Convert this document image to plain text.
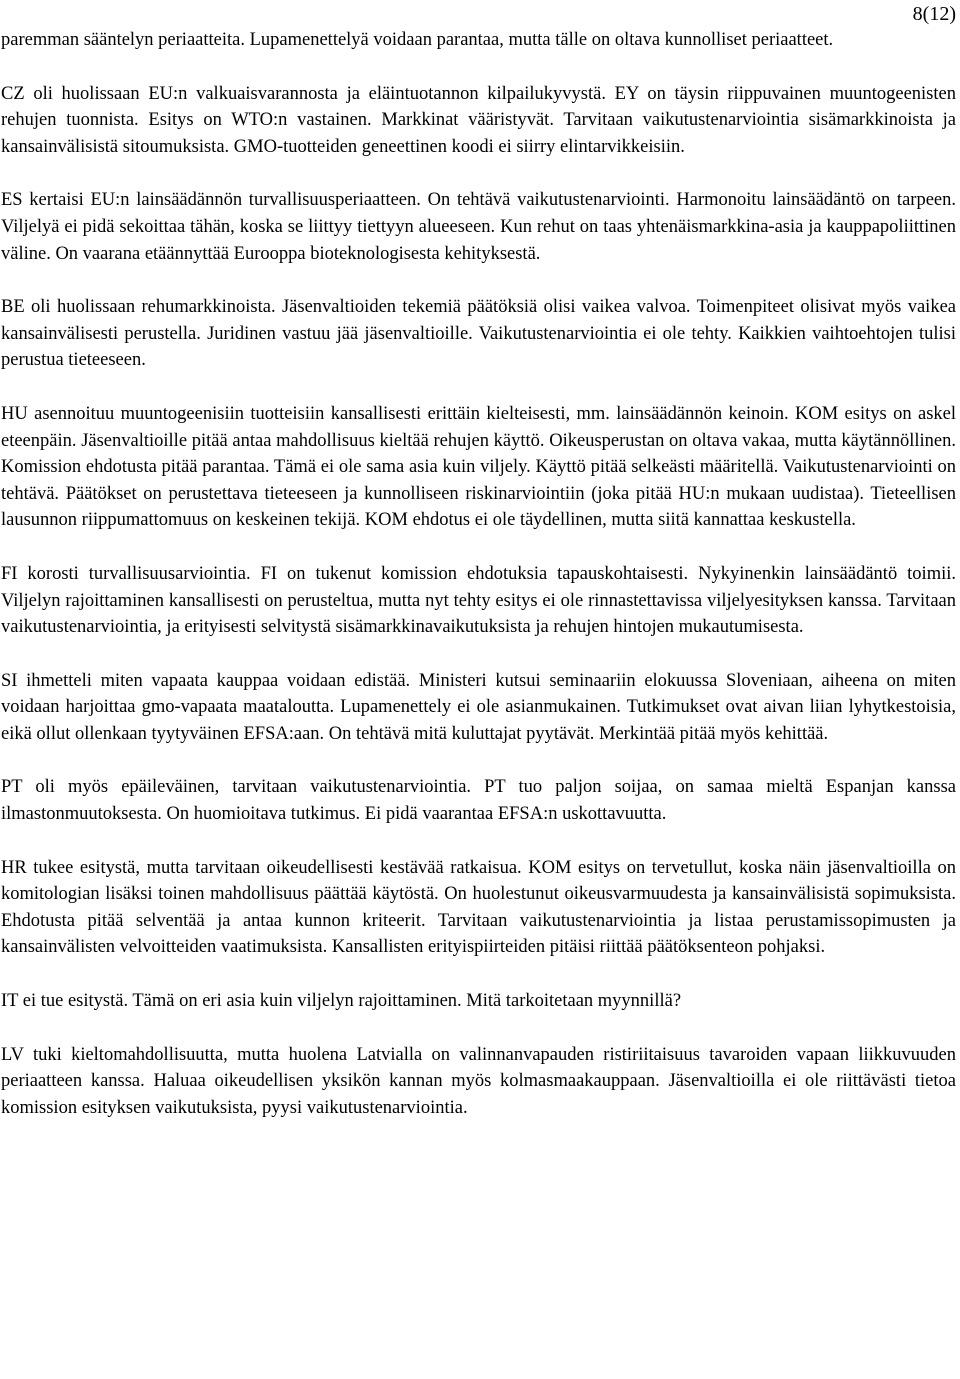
8(12)

paremman sääntelyn periaatteita. Lupamenettelyä voidaan parantaa, mutta tälle on oltava kunnolliset periaatteet.

CZ oli huolissaan EU:n valkuaisvarannosta ja eläintuotannon kilpailukyvystä. EY on täysin riippuvainen muuntogeenisten rehujen tuonnista. Esitys on WTO:n vastainen. Markkinat vääristyvät. Tarvitaan vaikutustenarviointia sisämarkkinoista ja kansainvälisistä sitoumuksista. GMO-tuotteiden geneettinen koodi ei siirry elintarvikkeisiin.

ES kertaisi EU:n lainsäädännön turvallisuusperiaatteen. On tehtävä vaikutustenarviointi. Harmonoitu lainsäädäntö on tarpeen. Viljelyä ei pidä sekoittaa tähän, koska se liittyy tiettyyn alueeseen. Kun rehut on taas yhtenäismarkkina-asia ja kauppapoliittinen väline. On vaarana etäännyttää Eurooppa bioteknologisesta kehityksestä.

BE oli huolissaan rehumarkkinoista. Jäsenvaltioiden tekemiä päätöksiä olisi vaikea valvoa. Toimenpiteet olisivat myös vaikea kansainvälisesti perustella. Juridinen vastuu jää jäsenvaltioille. Vaikutustenarviointia ei ole tehty. Kaikkien vaihtoehtojen tulisi perustua tieteeseen.

HU asennoituu muuntogeenisiin tuotteisiin kansallisesti erittäin kielteisesti, mm. lainsäädännön keinoin. KOM esitys on askel eteenpäin. Jäsenvaltioille pitää antaa mahdollisuus kieltää rehujen käyttö. Oikeusperustan on oltava vakaa, mutta käytännöllinen. Komission ehdotusta pitää parantaa. Tämä ei ole sama asia kuin viljely. Käyttö pitää selkeästi määritellä. Vaikutustenarviointi on tehtävä. Päätökset on perustettava tieteeseen ja kunnolliseen riskinarviointiin (joka pitää HU:n mukaan uudistaa). Tieteellisen lausunnon riippumattomuus on keskeinen tekijä. KOM ehdotus ei ole täydellinen, mutta siitä kannattaa keskustella.

FI korosti turvallisuusarviointia. FI on tukenut komission ehdotuksia tapauskohtaisesti. Nykyinenkin lainsäädäntö toimii. Viljelyn rajoittaminen kansallisesti on perusteltua, mutta nyt tehty esitys ei ole rinnastettavissa viljelyesityksen kanssa. Tarvitaan vaikutustenarviointia, ja erityisesti selvitystä sisämarkkinavaikutuksista ja rehujen hintojen mukautumisesta.

SI ihmetteli miten vapaata kauppaa voidaan edistää. Ministeri kutsui seminaariin elokuussa Sloveniaan, aiheena on miten voidaan harjoittaa gmo-vapaata maataloutta. Lupamenettely ei ole asianmukainen. Tutkimukset ovat aivan liian lyhytkestoisia, eikä ollut ollenkaan tyytyväinen EFSA:aan. On tehtävä mitä kuluttajat pyytävät. Merkintää pitää myös kehittää.

PT oli myös epäileväinen, tarvitaan vaikutustenarviointia. PT tuo paljon soijaa, on samaa mieltä Espanjan kanssa ilmastonmuutoksesta. On huomioitava tutkimus. Ei pidä vaarantaa EFSA:n uskottavuutta.

HR tukee esitystä, mutta tarvitaan oikeudellisesti kestävää ratkaisua. KOM esitys on tervetullut, koska näin jäsenvaltioilla on komitologian lisäksi toinen mahdollisuus päättää käytöstä. On huolestunut oikeusvarmuudesta ja kansainvälisistä sopimuksista. Ehdotusta pitää selventää ja antaa kunnon kriteerit. Tarvitaan vaikutustenarviointia ja listaa perustamissopimusten ja kansainvälisten velvoitteiden vaatimuksista. Kansallisten erityispiirteiden pitäisi riittää päätöksenteon pohjaksi.

IT ei tue esitystä. Tämä on eri asia kuin viljelyn rajoittaminen. Mitä tarkoitetaan myynnillä?

LV tuki kieltomahdollisuutta, mutta huolena Latvialla on valinnanvapauden ristiriitaisuus tavaroiden vapaan liikkuvuuden periaatteen kanssa. Haluaa oikeudellisen yksikön kannan myös kolmasmaakauppaan. Jäsenvaltioilla ei ole riittävästi tietoa komission esityksen vaikutuksista, pyysi vaikutustenarviointia.
